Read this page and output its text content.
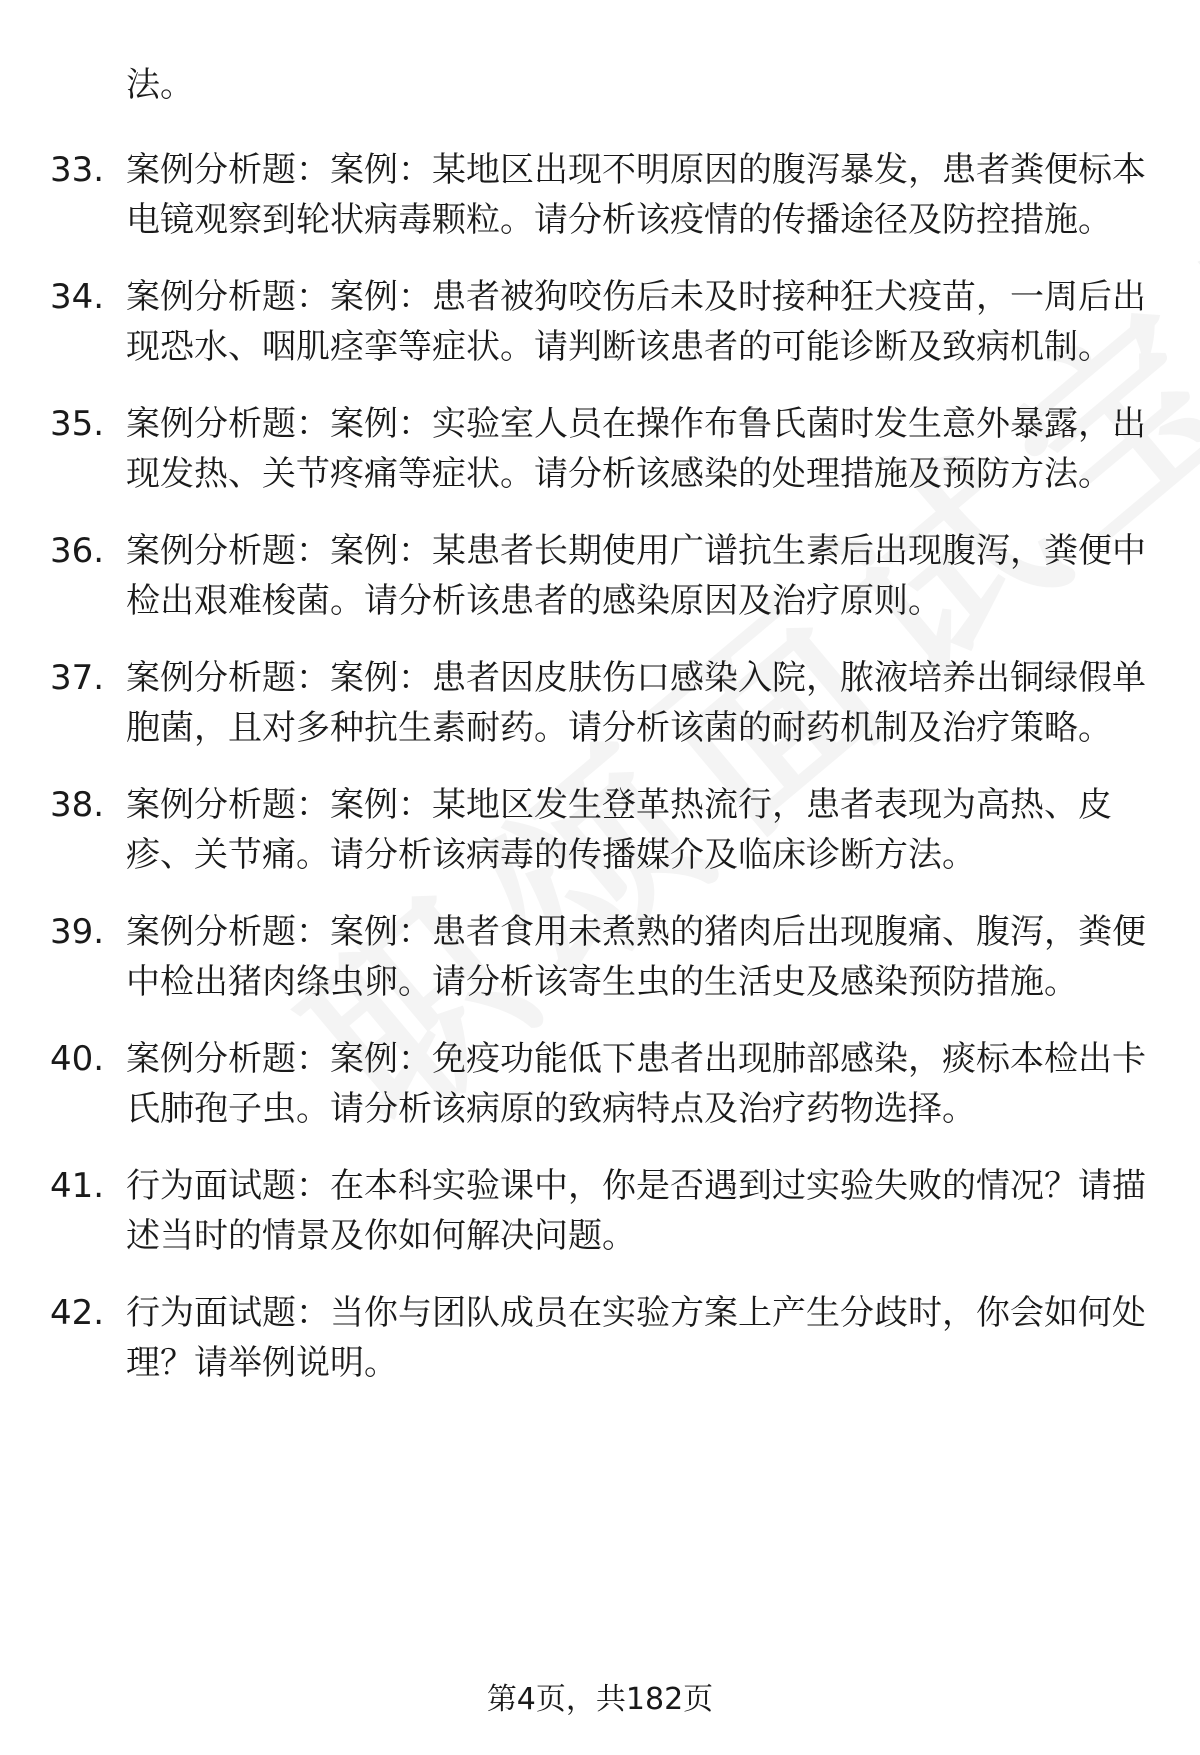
法。
33. 案例分析题：案例：某地区出现不明原因的腹泻暴发，患者粪便标本电镜观察到轮状病毒颗粒。请分析该疫情的传播途径及防控措施。
34. 案例分析题：案例：患者被狗咬伤后未及时接种狂犬疫苗，一周后出现恐水、咽肌痉挛等症状。请判断该患者的可能诊断及致病机制。
35. 案例分析题：案例：实验室人员在操作布鲁氏菌时发生意外暴露，出现发热、关节疼痛等症状。请分析该感染的处理措施及预防方法。
36. 案例分析题：案例：某患者长期使用广谱抗生素后出现腹泻，粪便中检出艰难梭菌。请分析该患者的感染原因及治疗原则。
37. 案例分析题：案例：患者因皮肤伤口感染入院，脓液培养出铜绿假单胞菌，且对多种抗生素耐药。请分析该菌的耐药机制及治疗策略。
38. 案例分析题：案例：某地区发生登革热流行，患者表现为高热、皮疹、关节痛。请分析该病毒的传播媒介及临床诊断方法。
39. 案例分析题：案例：患者食用未煮熟的猪肉后出现腹痛、腹泻，粪便中检出猪肉绦虫卵。请分析该寄生虫的生活史及感染预防措施。
40. 案例分析题：案例：免疫功能低下患者出现肺部感染，痰标本检出卡氏肺孢子虫。请分析该病原的致病特点及治疗药物选择。
41. 行为面试题：在本科实验课中，你是否遇到过实验失败的情况？请描述当时的情景及你如何解决问题。
42. 行为面试题：当你与团队成员在实验方案上产生分歧时，你会如何处理？请举例说明。
第4页，共182页
